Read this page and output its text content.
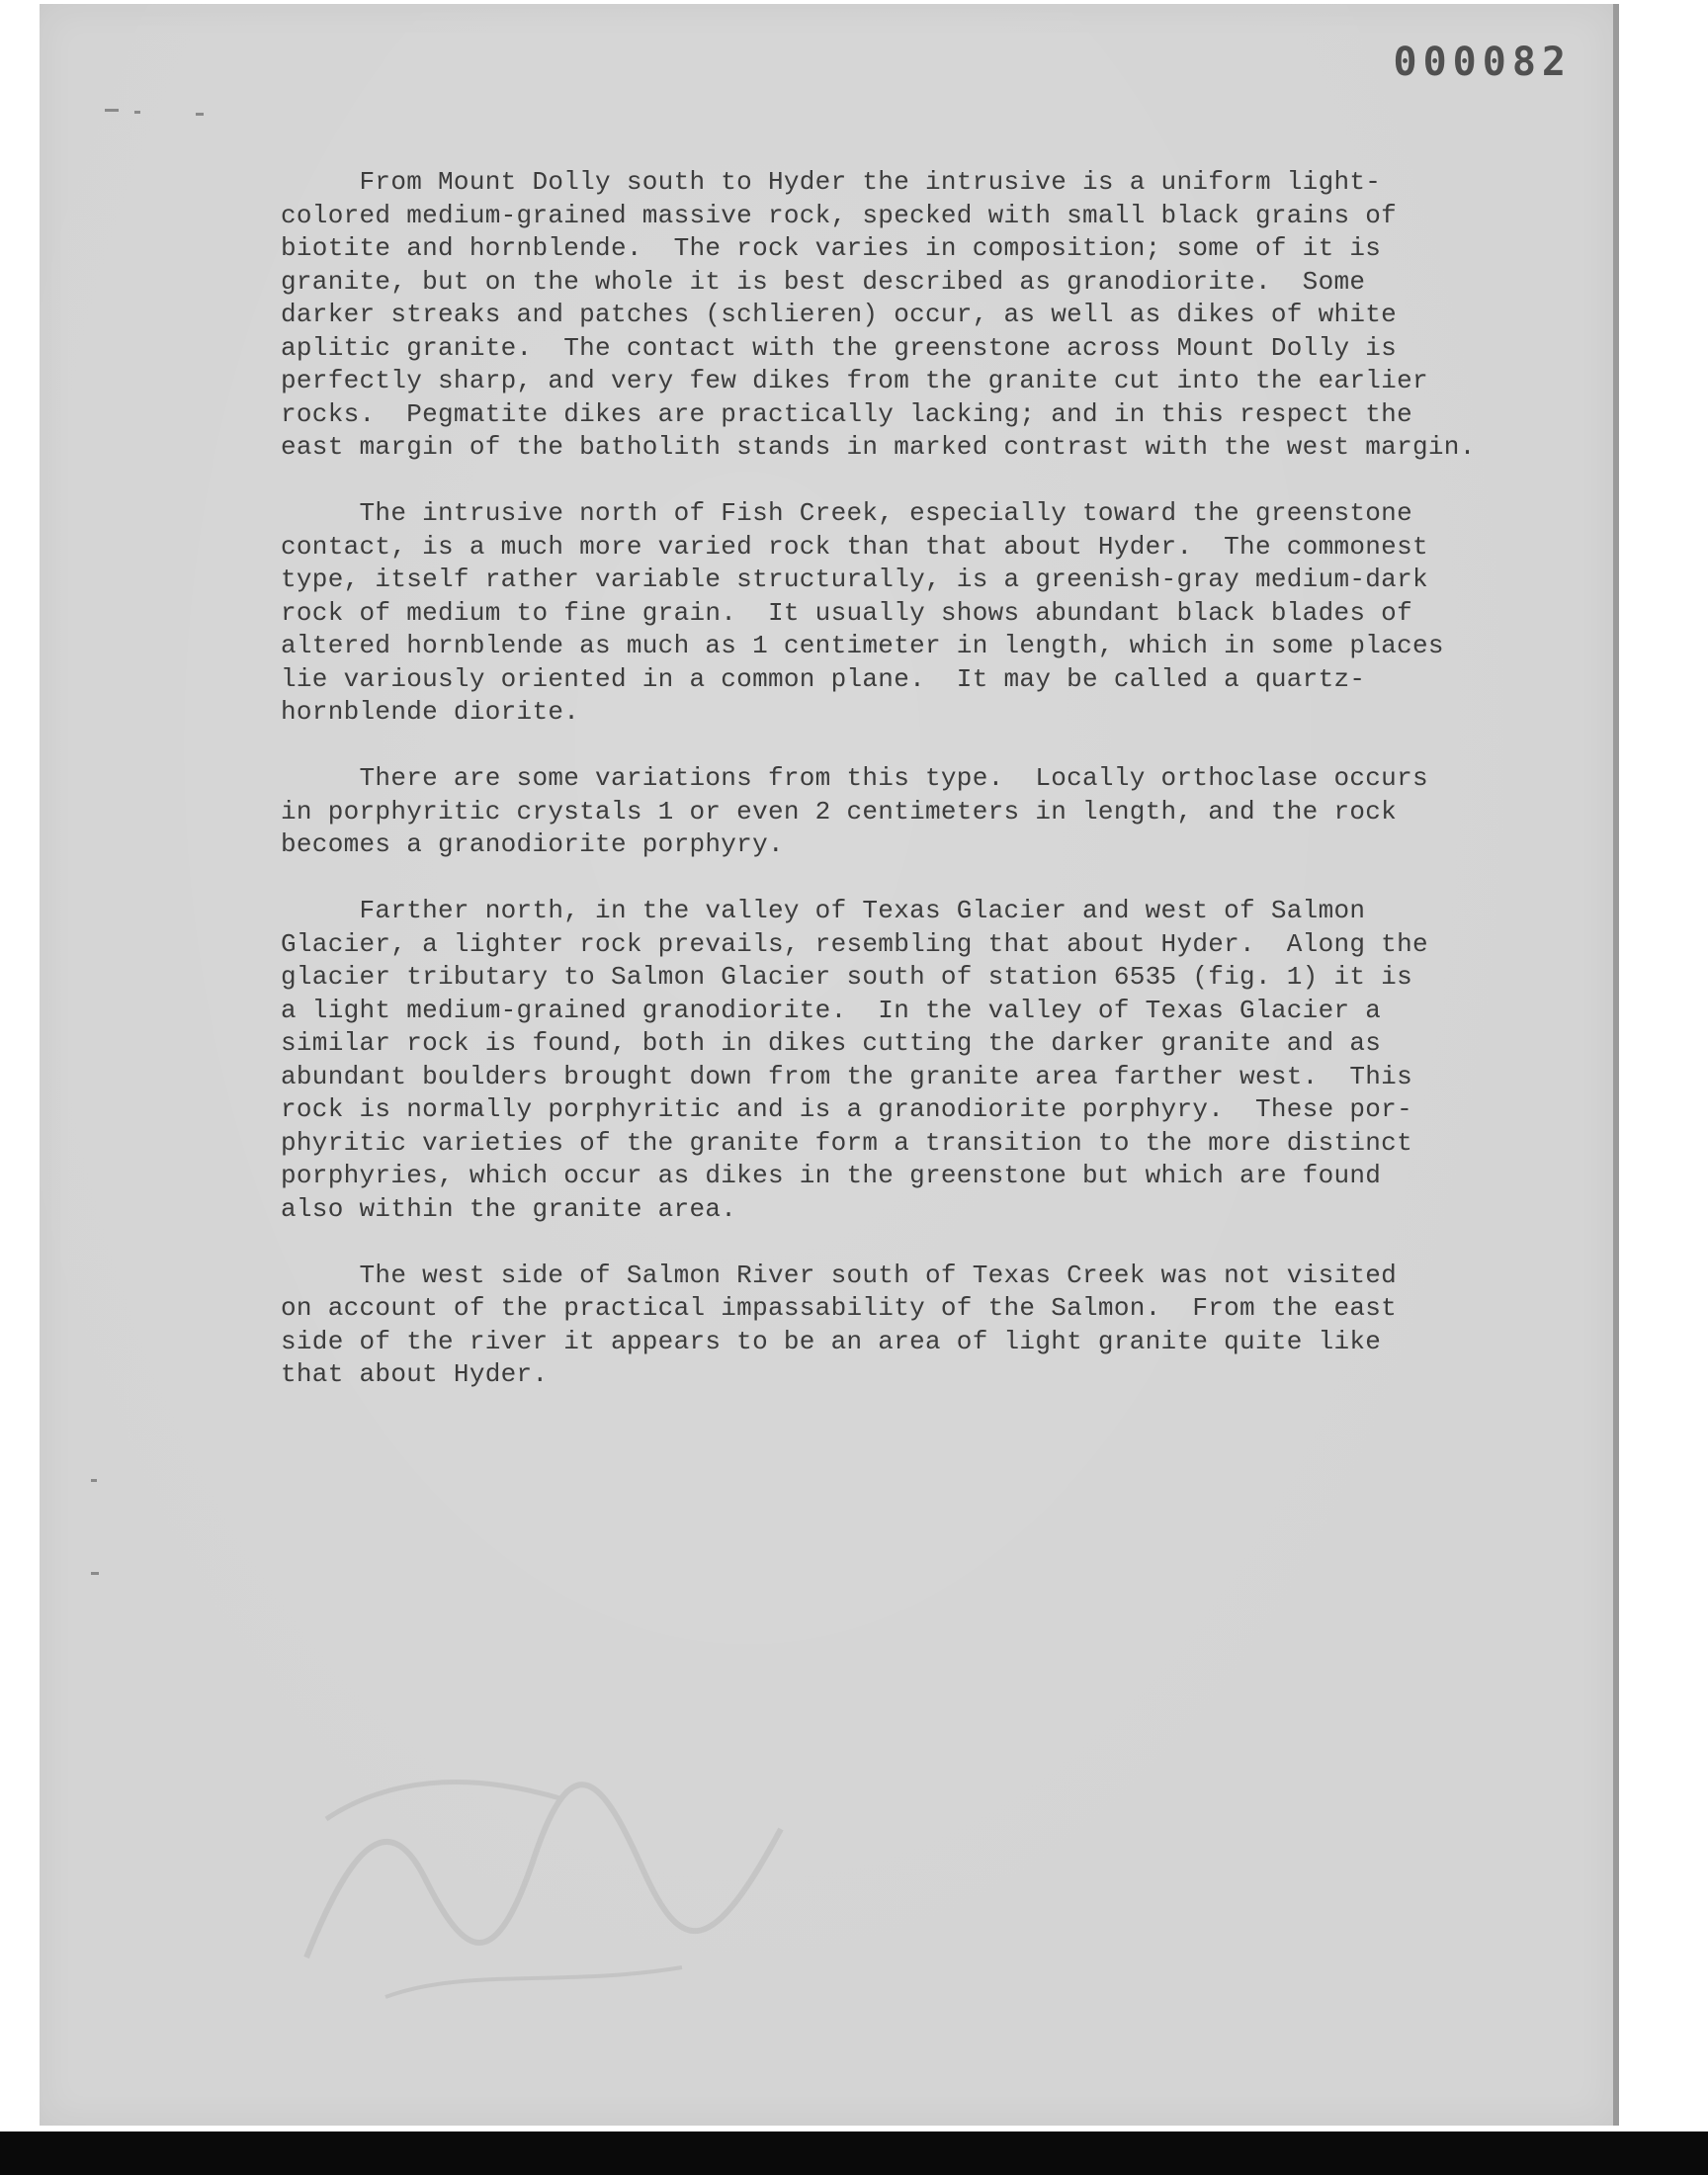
000082
From Mount Dolly south to Hyder the intrusive is a uniform light-
colored medium-grained massive rock, specked with small black grains of
biotite and hornblende.  The rock varies in composition; some of it is
granite, but on the whole it is best described as granodiorite.  Some
darker streaks and patches (schlieren) occur, as well as dikes of white
aplitic granite.  The contact with the greenstone across Mount Dolly is
perfectly sharp, and very few dikes from the granite cut into the earlier
rocks.  Pegmatite dikes are practically lacking; and in this respect the
east margin of the batholith stands in marked contrast with the west margin.
The intrusive north of Fish Creek, especially toward the greenstone
contact, is a much more varied rock than that about Hyder.  The commonest
type, itself rather variable structurally, is a greenish-gray medium-dark
rock of medium to fine grain.  It usually shows abundant black blades of
altered hornblende as much as 1 centimeter in length, which in some places
lie variously oriented in a common plane.  It may be called a quartz-
hornblende diorite.
There are some variations from this type.  Locally orthoclase occurs
in porphyritic crystals 1 or even 2 centimeters in length, and the rock
becomes a granodiorite porphyry.
Farther north, in the valley of Texas Glacier and west of Salmon
Glacier, a lighter rock prevails, resembling that about Hyder.  Along the
glacier tributary to Salmon Glacier south of station 6535 (fig. 1) it is
a light medium-grained granodiorite.  In the valley of Texas Glacier a
similar rock is found, both in dikes cutting the darker granite and as
abundant boulders brought down from the granite area farther west.  This
rock is normally porphyritic and is a granodiorite porphyry.  These por-
phyritic varieties of the granite form a transition to the more distinct
porphyries, which occur as dikes in the greenstone but which are found
also within the granite area.
The west side of Salmon River south of Texas Creek was not visited
on account of the practical impassability of the Salmon.  From the east
side of the river it appears to be an area of light granite quite like
that about Hyder.
